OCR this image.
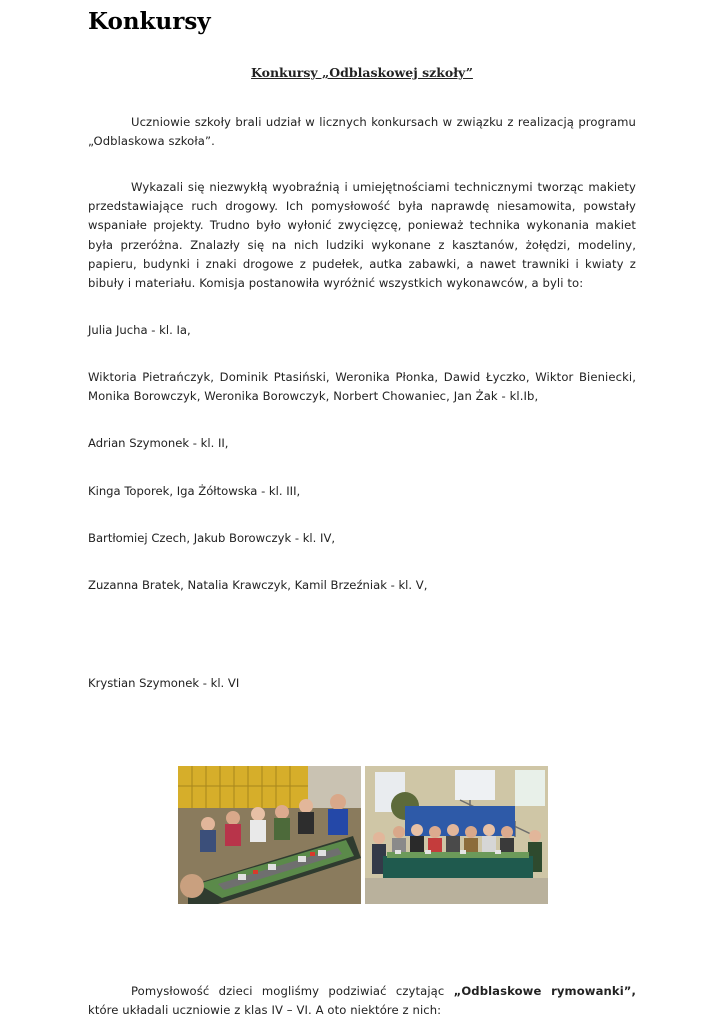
Konkursy
Konkursy „Odblaskowej szkoły”

Uczniowie szkoły brali udział w licznych konkursach w związku z realizacją programu „Odblaskowa szkoła”.

Wykazali się niezwykłą wyobraźnią i umiejętnościami technicznymi tworząc makiety przedstawiające ruch drogowy. Ich pomysłowość była naprawdę niesamowita, powstały wspaniałe projekty. Trudno było wyłonić zwycięzcę, ponieważ technika wykonania makiet była przeróżna. Znalazły się na nich ludziki wykonane z kasztanów, żołędzi, modeliny, papieru, budynki i znaki drogowe z pudełek, autka zabawki, a nawet trawniki i kwiaty z bibuły i materiału. Komisja postanowiła wyróżnić wszystkich wykonawców, a byli to:

Julia Jucha - kl. Ia,

Wiktoria Pietrańczyk, Dominik Ptasiński, Weronika Płonka, Dawid Łyczko, Wiktor Bieniecki, Monika Borowczyk, Weronika Borowczyk, Norbert Chowaniec, Jan Żak - kl.Ib,

Adrian Szymonek - kl. II,
Kinga Toporek, Iga Żółtowska - kl. III,
Bartłomiej Czech, Jakub Borowczyk - kl. IV,
Zuzanna Bratek, Natalia Krawczyk, Kamil Brzeźniak - kl. V,
Krystian Szymonek - kl. VI

Pomysłowość dzieci mogliśmy podziwiać czytając „Odblaskowe rymowanki”, które układali uczniowie z klas IV – VI. A oto niektóre z nich:
